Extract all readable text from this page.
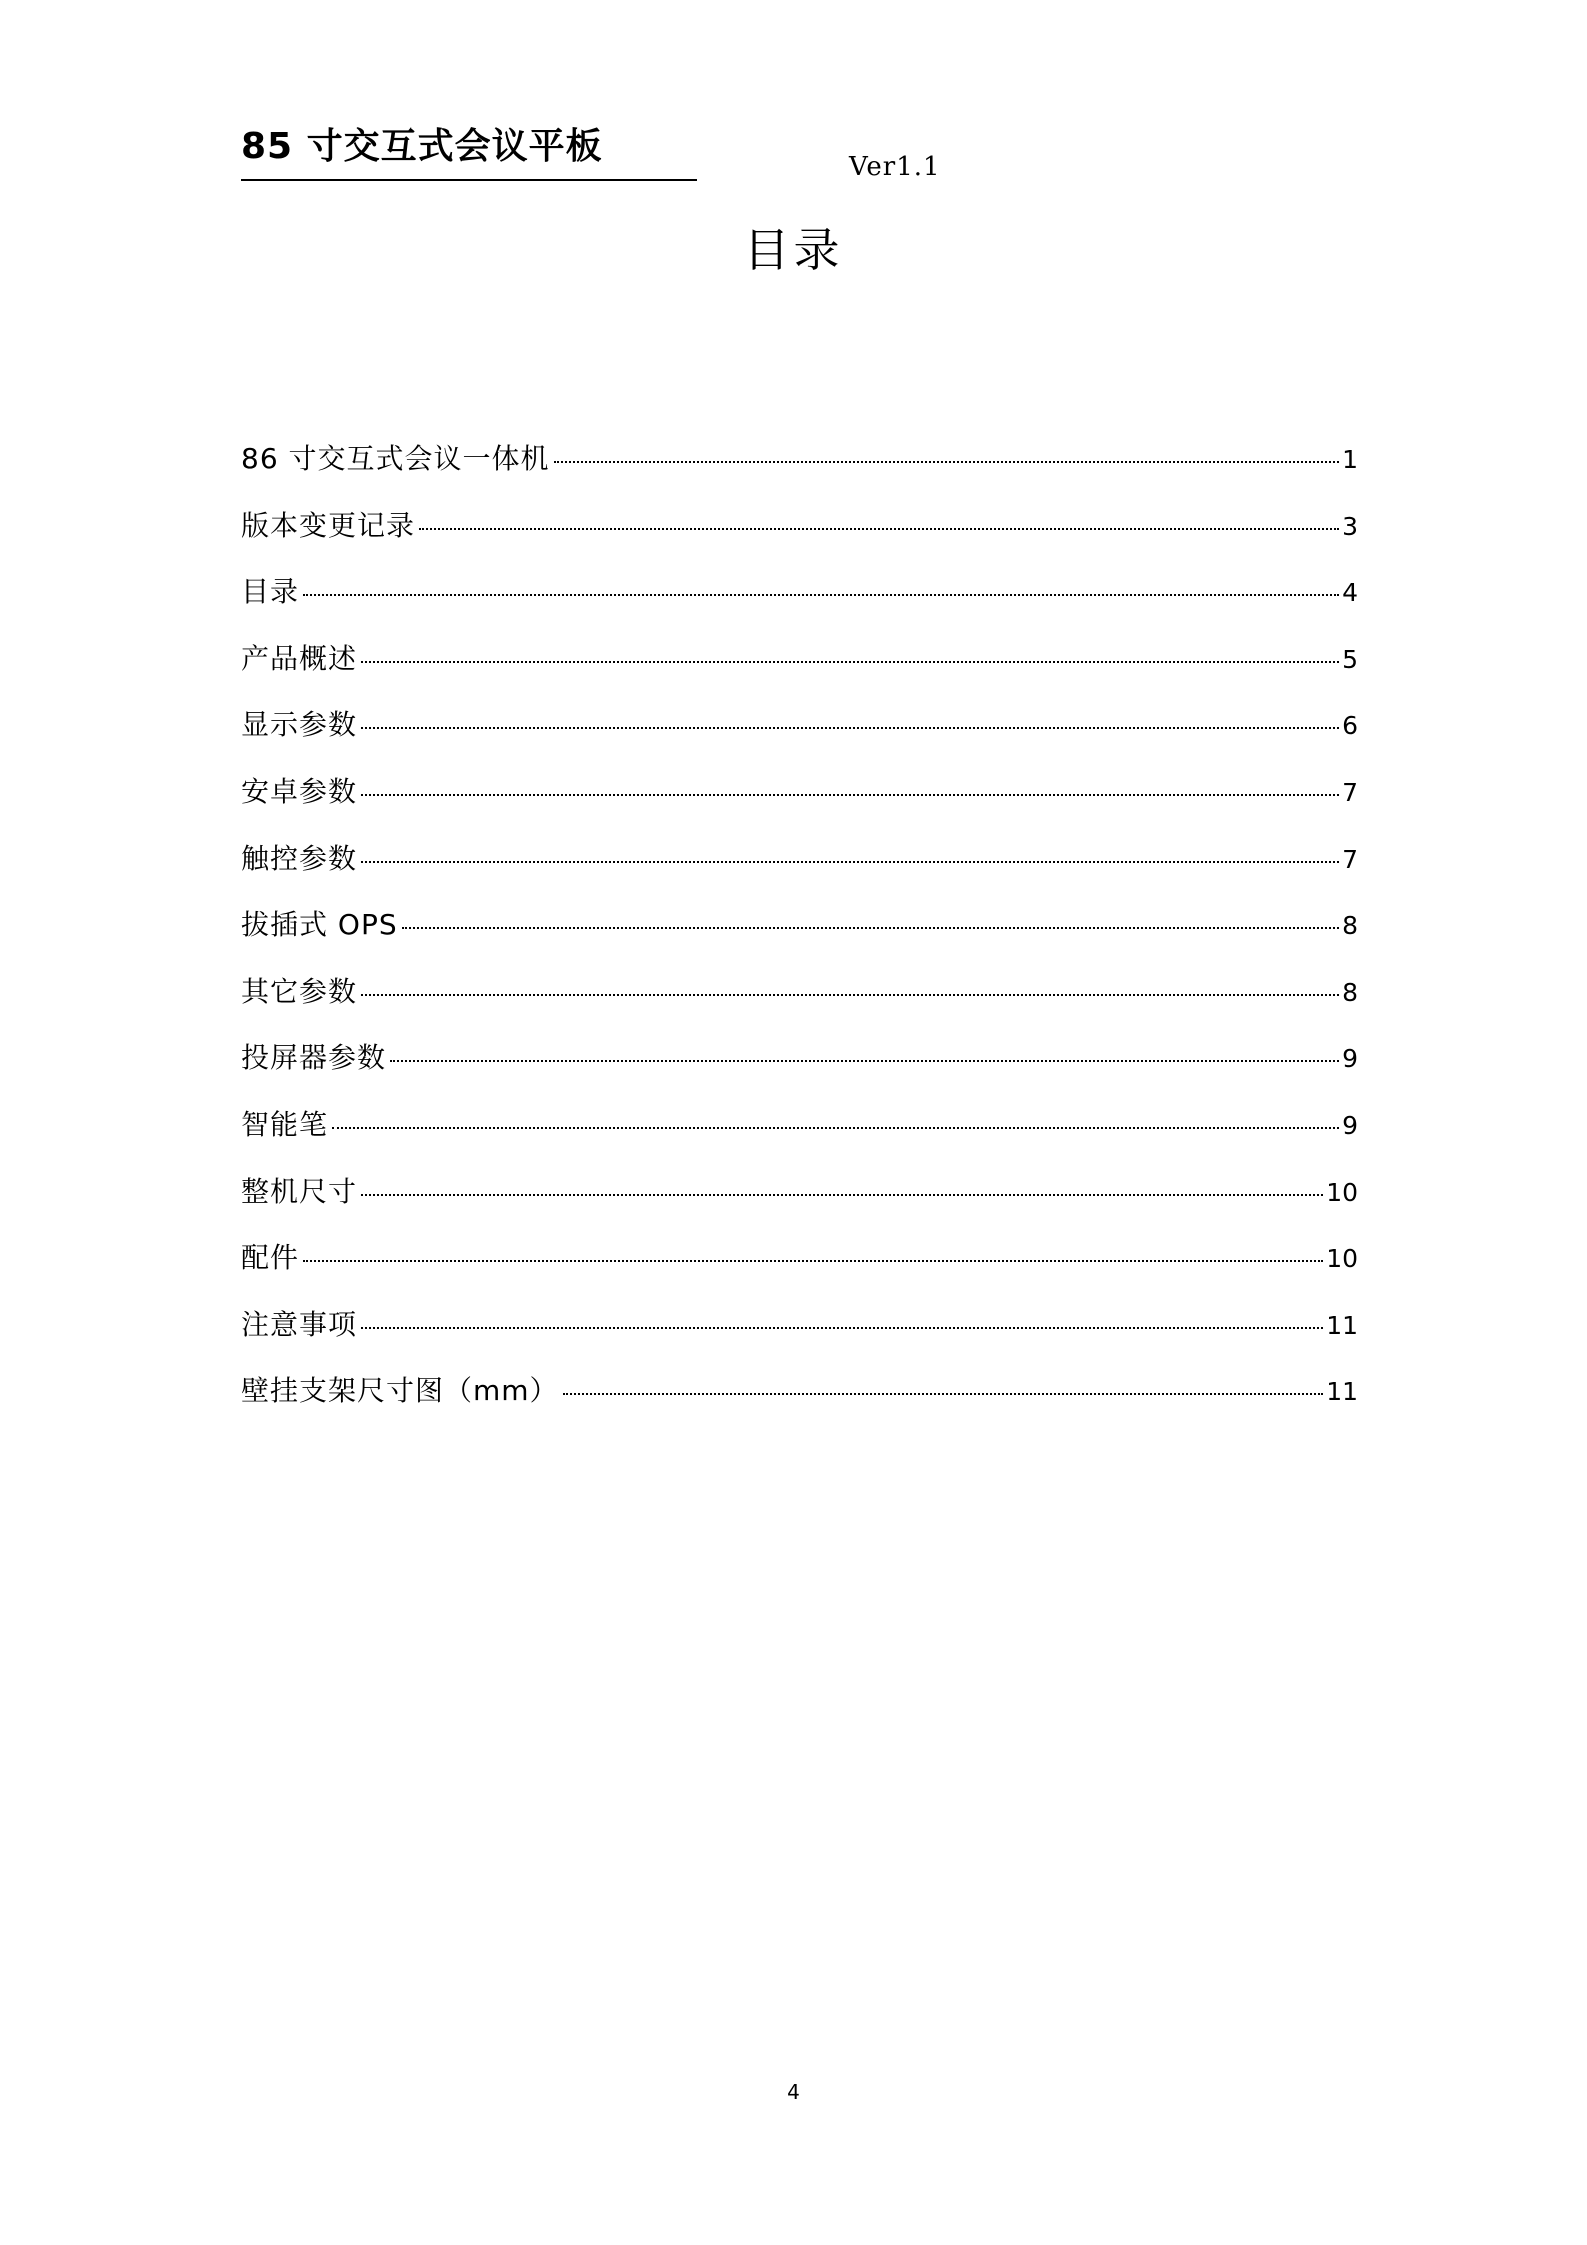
85 寸交互式会议平板	Ver1.1
目录
86 寸交互式会议一体机	1
版本变更记录	3
目录	4
产品概述	5
显示参数	6
安卓参数	7
触控参数	7
拔插式 OPS	8
其它参数	8
投屏器参数	9
智能笔	9
整机尺寸	10
配件	10
注意事项	11
壁挂支架尺寸图（mm）	11
4
